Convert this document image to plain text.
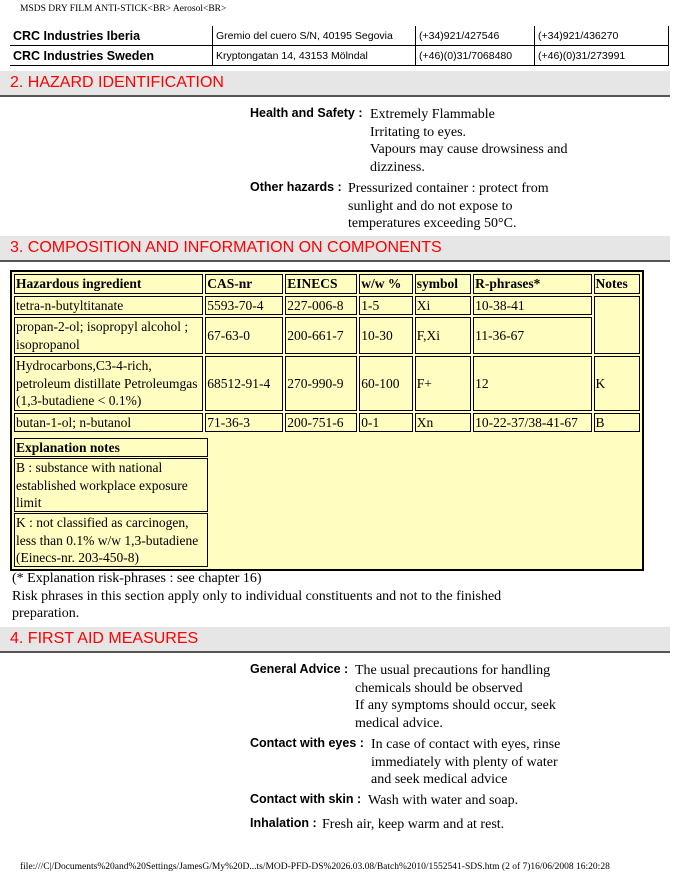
MSDS DRY FILM ANTI-STICK<BR> Aerosol<BR>
CRC Industries Iberia	Gremio del cuero S/N, 40195 Segovia	(+34)921/427546	(+34)921/436270
CRC Industries Sweden	Kryptongatan 14, 43153 Mölndal	(+46)(0)31/7068480	(+46)(0)31/273991
2. HAZARD IDENTIFICATION
Health and Safety : Extremely Flammable
Irritating to eyes.
Vapours may cause drowsiness and
dizziness.
Other hazards : Pressurized container : protect from
sunlight and do not expose to
temperatures exceeding 50°C.
3. COMPOSITION AND INFORMATION ON COMPONENTS
Hazardous ingredient	CAS-nr	EINECS	w/w %	symbol	R-phrases*	Notes
tetra-n-butyltitanate	5593-70-4	227-006-8	1-5	Xi	10-38-41	
propan-2-ol; isopropyl alcohol ; isopropanol	67-63-0	200-661-7	10-30	F,Xi	11-36-67	
Hydrocarbons,C3-4-rich, petroleum distillate Petroleumgas (1,3-butadiene < 0.1%)	68512-91-4	270-990-9	60-100	F+	12	K
butan-1-ol; n-butanol	71-36-3	200-751-6	0-1	Xn	10-22-37/38-41-67	B
Explanation notes
B : substance with national established workplace exposure limit
K : not classified as carcinogen, less than 0.1% w/w 1,3-butadiene (Einecs-nr. 203-450-8)
(* Explanation risk-phrases : see chapter 16)
Risk phrases in this section apply only to individual constituents and not to the finished
preparation.
4. FIRST AID MEASURES
General Advice : The usual precautions for handling
chemicals should be observed
If any symptoms should occur, seek
medical advice.
Contact with eyes : In case of contact with eyes, rinse
immediately with plenty of water
and seek medical advice
Contact with skin : Wash with water and soap.
Inhalation : Fresh air, keep warm and at rest.
file:///C|/Documents%20and%20Settings/JamesG/My%20D...ts/MOD-PFD-DS%2026.03.08/Batch%2010/1552541-SDS.htm (2 of 7)16/06/2008 16:20:28
